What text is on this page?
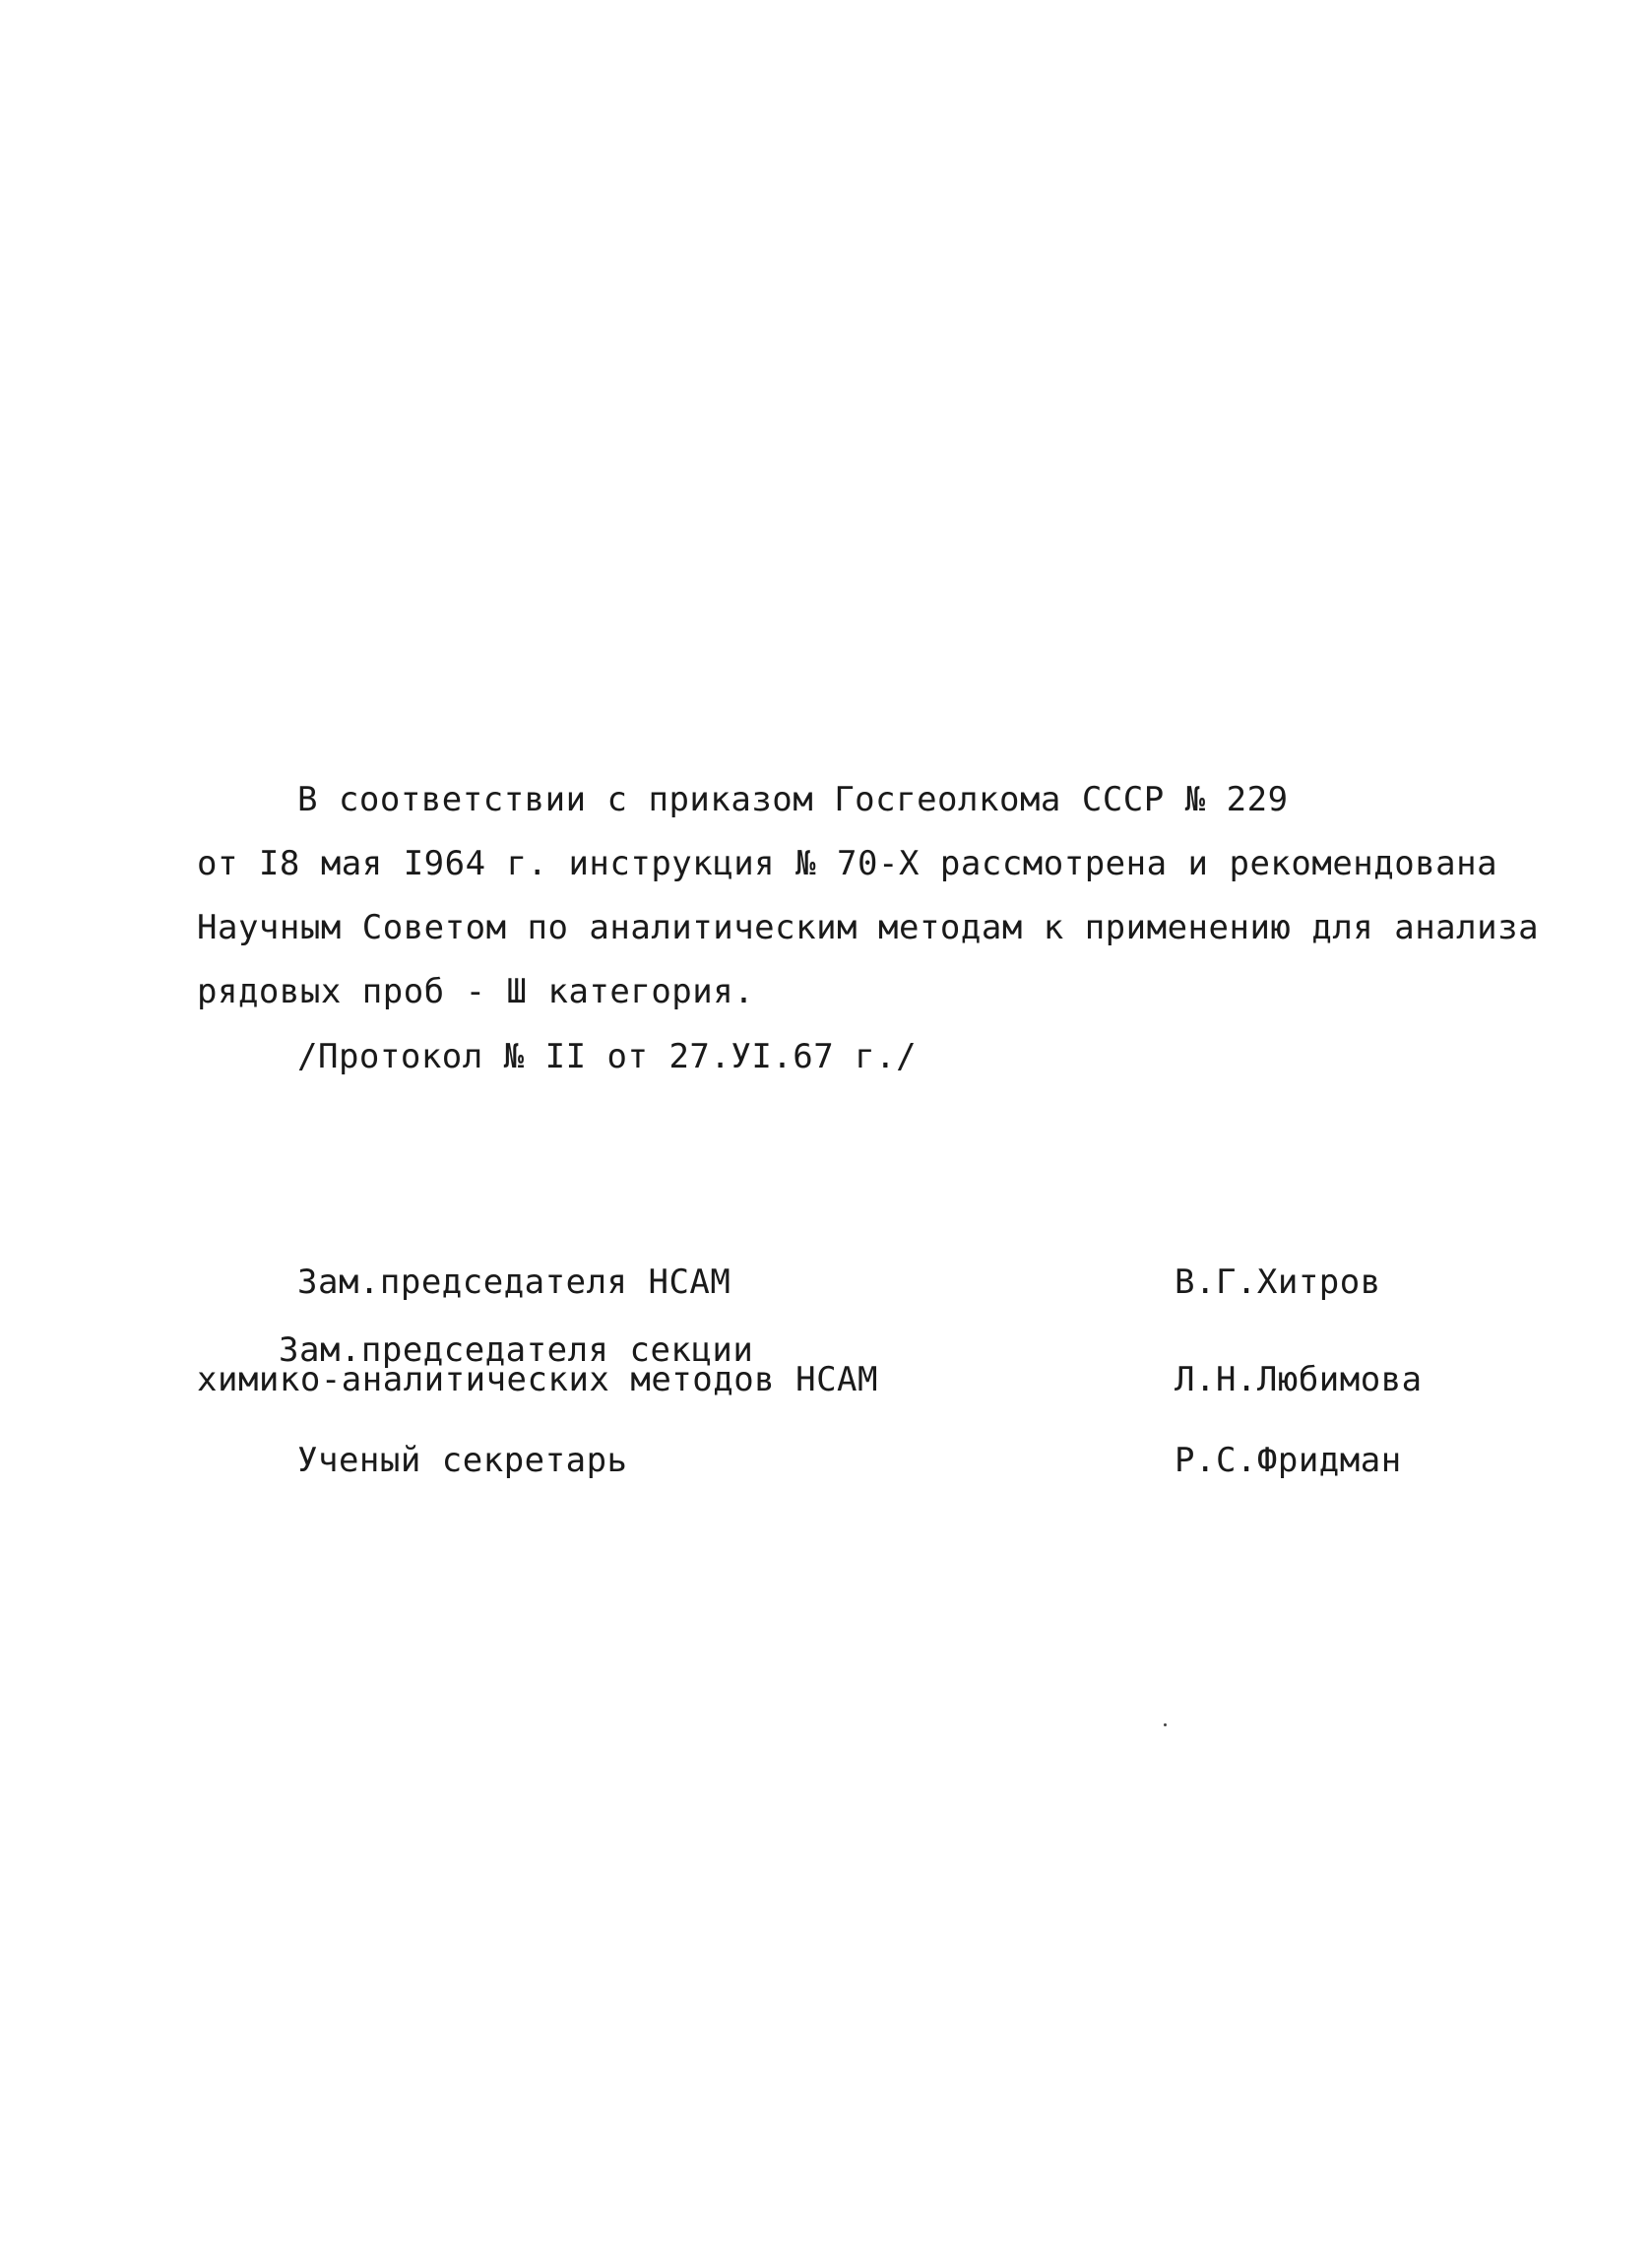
В соответствии с приказом Госгеолкома СССР № 229
от I8 мая I964 г. инструкция № 70-Х рассмотрена и рекомендована
Научным Советом по аналитическим методам к применению для анализа
рядовых проб - Ш категория.
/Протокол № II от 27.УI.67 г./
Зам.председателя НСАМ	В.Г.Хитров
Зам.председателя секции
химико-аналитических методов НСАМ	Л.Н.Любимова
Ученый секретарь	Р.С.Фридман
